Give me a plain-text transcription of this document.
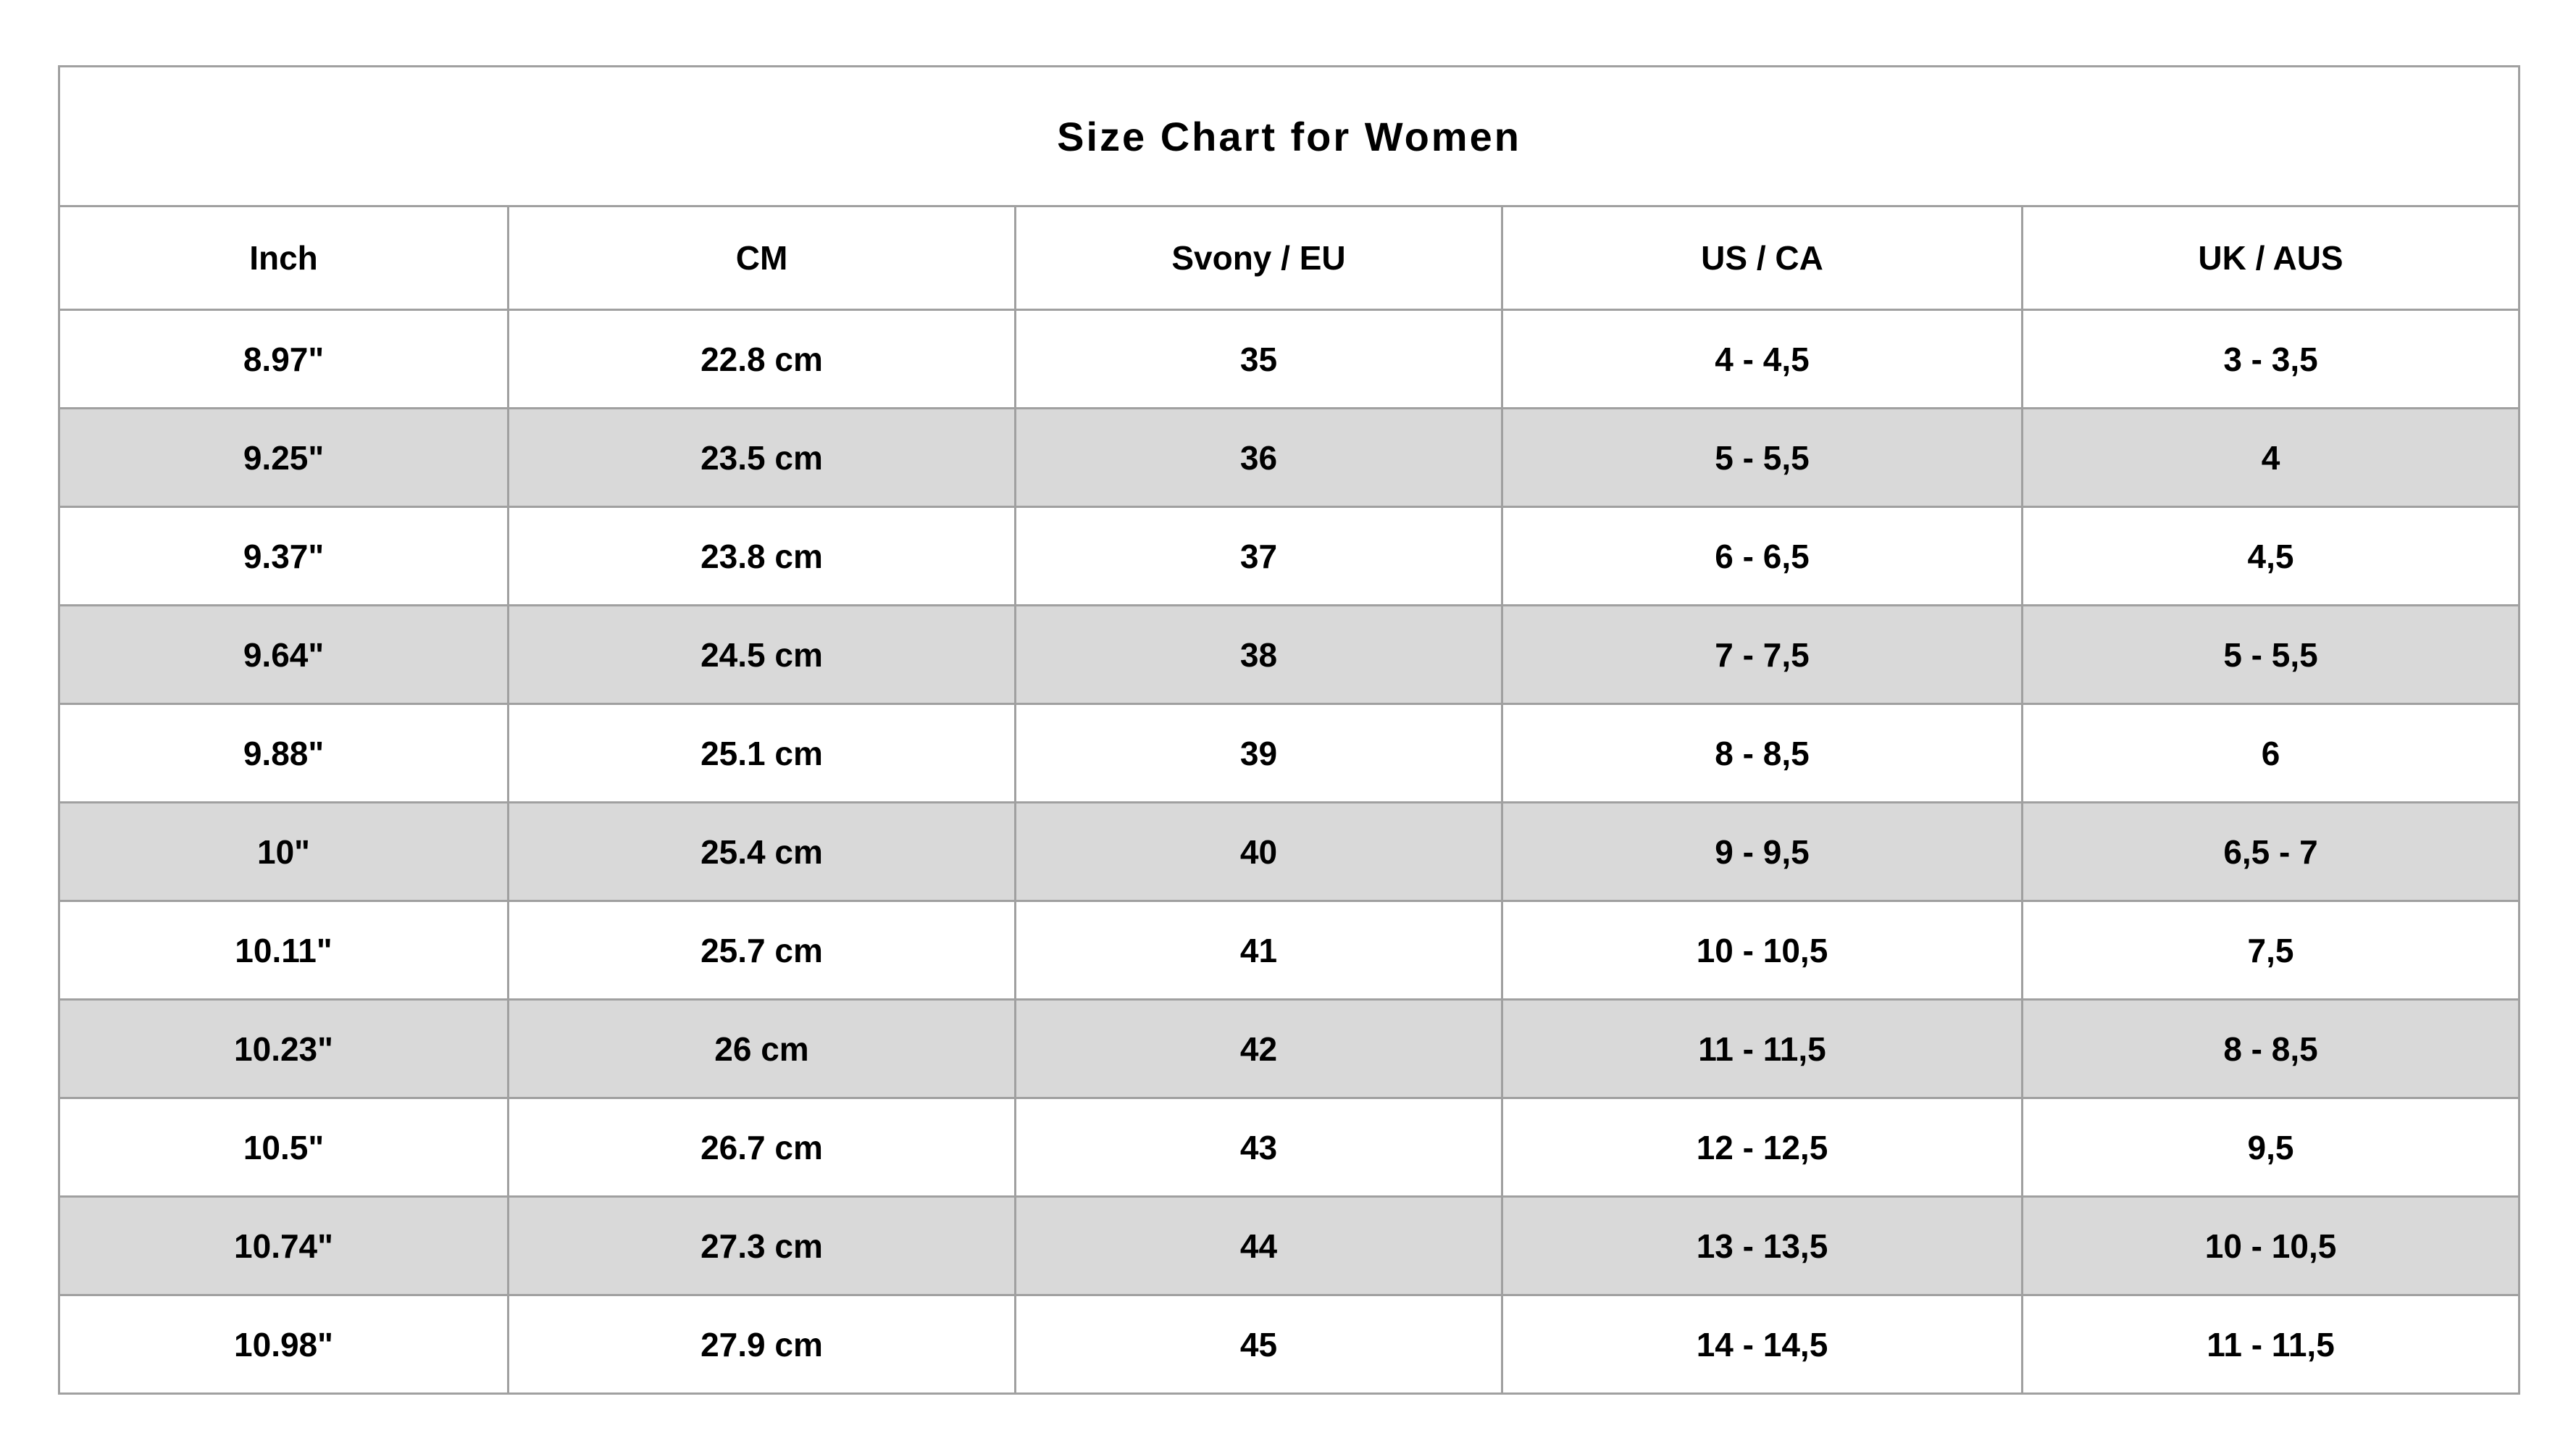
Size Chart for Women				
Inch	CM	Svony / EU	US / CA	UK / AUS
8.97"	22.8 cm	35	4 - 4,5	3 - 3,5
9.25"	23.5 cm	36	5 - 5,5	4
9.37"	23.8 cm	37	6 - 6,5	4,5
9.64"	24.5 cm	38	7 - 7,5	5 - 5,5
9.88"	25.1 cm	39	8 - 8,5	6
10"	25.4 cm	40	9 - 9,5	6,5 - 7
10.11"	25.7 cm	41	10 - 10,5	7,5
10.23"	26 cm	42	11 - 11,5	8 - 8,5
10.5"	26.7 cm	43	12 - 12,5	9,5
10.74"	27.3 cm	44	13 - 13,5	10 - 10,5
10.98"	27.9 cm	45	14 - 14,5	11 - 11,5
